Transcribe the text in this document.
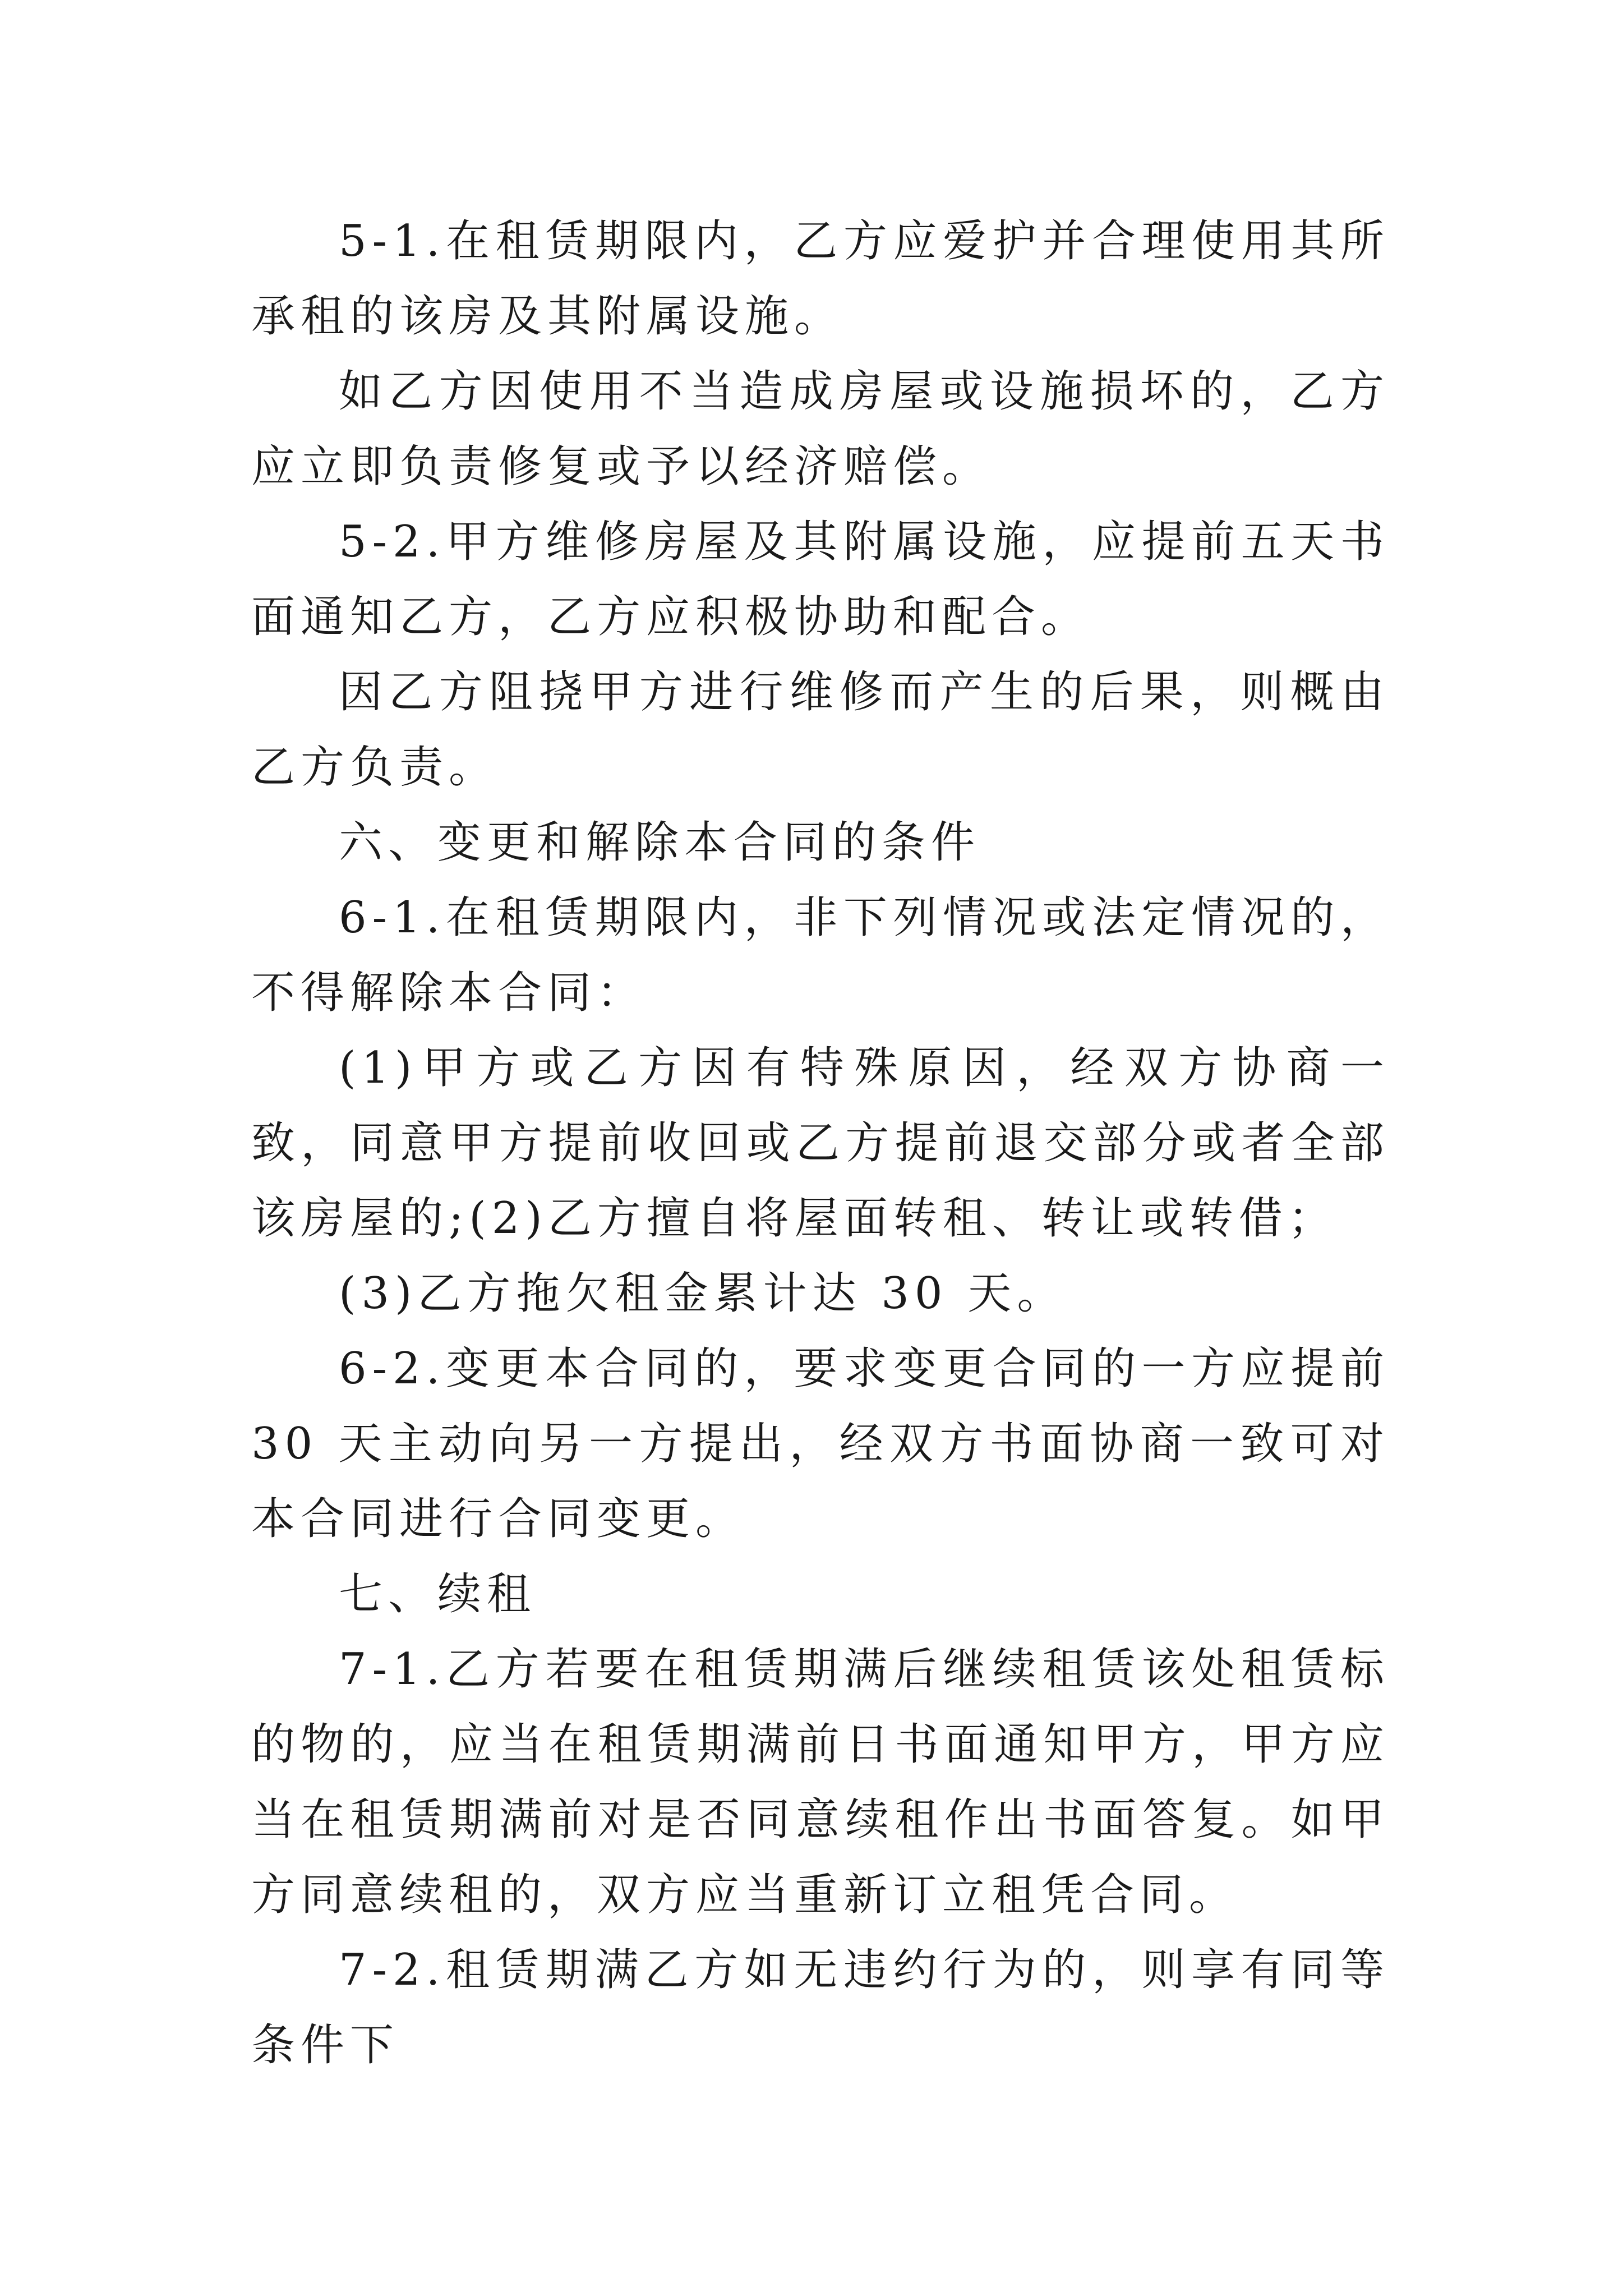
5-1.在租赁期限内，乙方应爱护并合理使用其所承租的该房及其附属设施。

如乙方因使用不当造成房屋或设施损坏的，乙方应立即负责修复或予以经济赔偿。

5-2.甲方维修房屋及其附属设施，应提前五天书面通知乙方，乙方应积极协助和配合。

因乙方阻挠甲方进行维修而产生的后果，则概由乙方负责。

六、变更和解除本合同的条件

6-1.在租赁期限内，非下列情况或法定情况的，不得解除本合同：

(1)甲方或乙方因有特殊原因，经双方协商一致，同意甲方提前收回或乙方提前退交部分或者全部该房屋的;(2)乙方擅自将屋面转租、转让或转借；

(3)乙方拖欠租金累计达 30 天。

6-2.变更本合同的，要求变更合同的一方应提前 30 天主动向另一方提出，经双方书面协商一致可对本合同进行合同变更。

七、续租

7-1.乙方若要在租赁期满后继续租赁该处租赁标的物的，应当在租赁期满前日书面通知甲方，甲方应当在租赁期满前对是否同意续租作出书面答复。如甲方同意续租的，双方应当重新订立租凭合同。

7-2.租赁期满乙方如无违约行为的，则享有同等条件下
